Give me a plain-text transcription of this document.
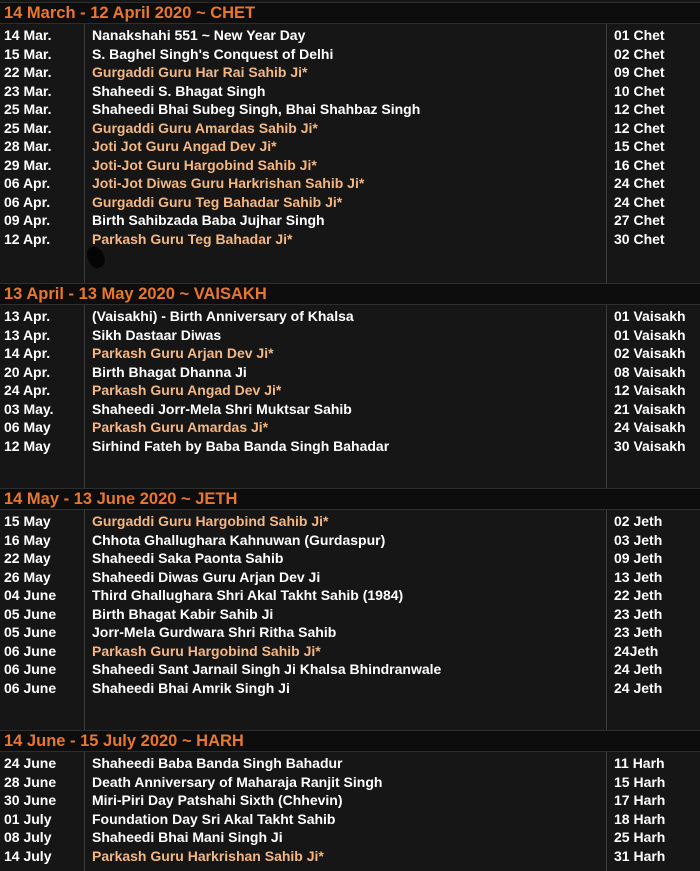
14 March - 12 April 2020 ~ CHET
14 Mar.	Nanakshahi 551 ~ New Year Day	01 Chet
15 Mar.	S. Baghel Singh's Conquest of Delhi	02 Chet
22 Mar.	Gurgaddi Guru Har Rai Sahib Ji*	09 Chet
23 Mar.	Shaheedi S. Bhagat Singh	10 Chet
25 Mar.	Shaheedi Bhai Subeg Singh, Bhai Shahbaz Singh	12 Chet
25 Mar.	Gurgaddi Guru Amardas Sahib Ji*	12 Chet
28 Mar.	Joti Jot Guru Angad Dev Ji*	15 Chet
29 Mar.	Joti-Jot Guru Hargobind Sahib Ji*	16 Chet
06 Apr.	Joti-Jot Diwas Guru Harkrishan Sahib Ji*	24 Chet
06 Apr.	Gurgaddi Guru Teg Bahadar Sahib Ji*	24 Chet
09 Apr.	Birth Sahibzada Baba Jujhar Singh	27 Chet
12 Apr.	Parkash Guru Teg Bahadar Ji*	30 Chet
13 April - 13 May 2020 ~ VAISAKH
13 Apr.	(Vaisakhi) - Birth Anniversary of Khalsa	01 Vaisakh
13 Apr.	Sikh Dastaar Diwas	01 Vaisakh
14 Apr.	Parkash Guru Arjan Dev Ji*	02 Vaisakh
20 Apr.	Birth Bhagat Dhanna Ji	08 Vaisakh
24 Apr.	Parkash Guru Angad Dev Ji*	12 Vaisakh
03 May.	Shaheedi Jorr-Mela Shri Muktsar Sahib	21 Vaisakh
06 May	Parkash Guru Amardas Ji*	24 Vaisakh
12 May	Sirhind Fateh by Baba Banda Singh Bahadar	30 Vaisakh
14 May - 13 June 2020 ~ JETH
15 May	Gurgaddi Guru Hargobind Sahib Ji*	02 Jeth
16 May	Chhota Ghallughara Kahnuwan (Gurdaspur)	03 Jeth
22 May	Shaheedi Saka Paonta Sahib	09 Jeth
26 May	Shaheedi Diwas Guru Arjan Dev Ji	13 Jeth
04 June	Third Ghallughara Shri Akal Takht Sahib (1984)	22 Jeth
05 June	Birth Bhagat Kabir Sahib Ji	23 Jeth
05 June	Jorr-Mela Gurdwara Shri Ritha Sahib	23 Jeth
06 June	Parkash Guru Hargobind Sahib Ji*	24Jeth
06 June	Shaheedi Sant Jarnail Singh Ji Khalsa Bhindranwale	24 Jeth
06 June	Shaheedi Bhai Amrik Singh Ji	24 Jeth
14 June - 15 July 2020 ~ HARH
24 June	Shaheedi Baba Banda Singh Bahadur	11 Harh
28 June	Death Anniversary of Maharaja Ranjit Singh	15 Harh
30 June	Miri-Piri Day Patshahi Sixth (Chhevin)	17 Harh
01 July	Foundation Day Sri Akal Takht Sahib	18 Harh
08 July	Shaheedi Bhai Mani Singh Ji	25 Harh
14 July	Parkash Guru Harkrishan Sahib Ji*	31 Harh
